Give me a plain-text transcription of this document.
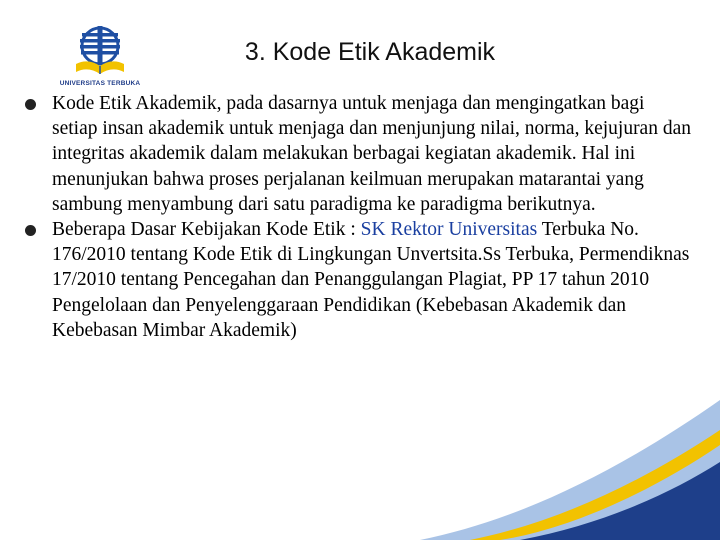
UNIVERSITAS TERBUKA
3. Kode Etik Akademik
Kode Etik Akademik, pada dasarnya untuk menjaga dan mengingatkan bagi setiap insan akademik untuk menjaga dan menjunjung nilai, norma, kejujuran dan integritas akademik dalam melakukan berbagai kegiatan akademik. Hal ini menunjukan bahwa proses perjalanan keilmuan merupakan matarantai yang sambung menyambung dari satu paradigma ke paradigma berikutnya.
Beberapa Dasar Kebijakan Kode Etik : SK Rektor Universitas Terbuka No. 176/2010 tentang Kode Etik di Lingkungan Unvertsita.Ss Terbuka, Permendiknas 17/2010 tentang Pencegahan dan Penanggulangan Plagiat, PP 17 tahun 2010 Pengelolaan dan Penyelenggaraan Pendidikan (Kebebasan Akademik dan Kebebasan Mimbar Akademik)
